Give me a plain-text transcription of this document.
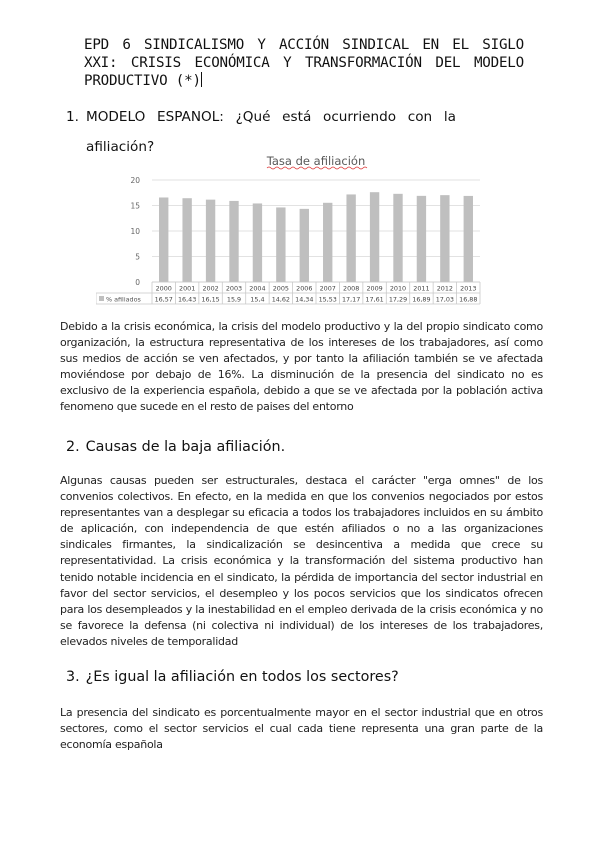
EPD 6 SINDICALISMO Y ACCIÓN SINDICAL EN EL SIGLO XXI: CRISIS ECONÓMICA Y TRANSFORMACIÓN DEL MODELO PRODUCTIVO (*)
1. MODELO ESPANOL: ¿Qué está ocurriendo con la
afiliación?
Tasa de afiliación
0
5
10
15
20
2000 2001 2002 2003 2004 2005 2006 2007 2008 2009 2010 2011 2012 2013
% afiliados 16,57 16,43 16,15 15,9 15,4 14,62 14,34 15,53 17,17 17,61 17,29 16,89 17,03 16,88
Debido a la crisis económica, la crisis del modelo productivo y la del propio sindicato como organización, la estructura representativa de los intereses de los trabajadores, así como sus medios de acción se ven afectados, y por tanto la afiliación también se ve afectada moviéndose por debajo de 16%. La disminución de la presencia del sindicato no es exclusivo de la experiencia española, debido a que se ve afectada por la población activa fenomeno que sucede en el resto de paises del entorno
2. Causas de la baja afiliación.
Algunas causas pueden ser estructurales, destaca el carácter "erga omnes" de los convenios colectivos. En efecto, en la medida en que los convenios negociados por estos representantes van a desplegar su eficacia a todos los trabajadores incluidos en su ámbito de aplicación, con independencia de que estén afiliados o no a las organizaciones sindicales firmantes, la sindicalización se desincentiva a medida que crece su representatividad. La crisis económica y la transformación del sistema productivo han tenido notable incidencia en el sindicato, la pérdida de importancia del sector industrial en favor del sector servicios, el desempleo y los pocos servicios que los sindicatos ofrecen para los desempleados y la inestabilidad en el empleo derivada de la crisis económica y no se favorece la defensa (ni colectiva ni individual) de los intereses de los trabajadores, elevados niveles de temporalidad
3. ¿Es igual la afiliación en todos los sectores?
La presencia del sindicato es porcentualmente mayor en el sector industrial que en otros sectores, como el sector servicios el cual cada tiene representa una gran parte de la economía española
